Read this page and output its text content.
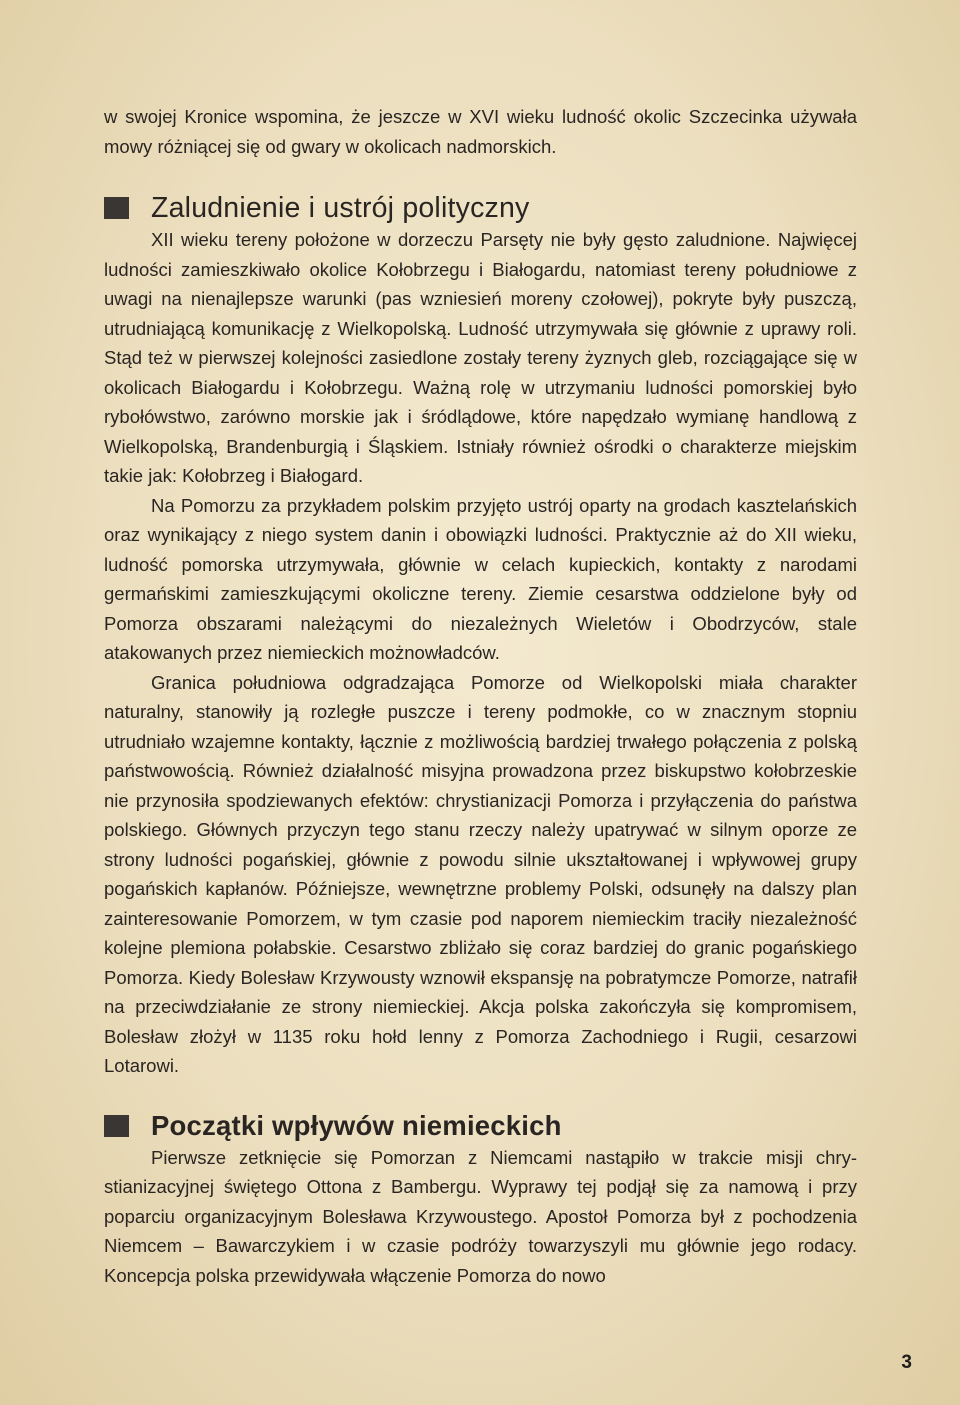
w swojej Kronice wspomina, że jeszcze w XVI wieku ludność okolic Szczecinka używała mowy różniącej się od gwary w okolicach nadmorskich.

Zaludnienie i ustrój polityczny

XII wieku tereny położone w dorzeczu Parsęty nie były gęsto zaludnione. Najwięcej ludności zamieszkiwało okolice Kołobrzegu i Białogardu, natomiast tereny południowe z uwagi na nienajlepsze warunki (pas wzniesień moreny czołowej), pokryte były puszczą, utrudniającą komunikację z Wielkopolską. Ludność utrzymywała się głównie z uprawy roli. Stąd też w pierwszej kolejności zasiedlone zostały tereny żyznych gleb, rozciągające się w okolicach Białogardu i Kołobrzegu. Ważną rolę w utrzymaniu ludności pomorskiej było rybołówstwo, zarówno morskie jak i śródlądowe, które napędzało wymianę handlową z Wielkopolską, Brandenburgią i Śląskiem. Istniały również ośrodki o charakterze miejskim takie jak: Kołobrzeg i Białogard.

Na Pomorzu za przykładem polskim przyjęto ustrój oparty na grodach kasztelańskich oraz wynikający z niego system danin i obowiązki ludności. Praktycznie aż do XII wieku, ludność pomorska utrzymywała, głównie w celach kupieckich, kontakty z narodami germańskimi zamieszkującymi okoliczne tereny. Ziemie cesarstwa oddzielone były od Pomorza obszarami należącymi do niezależnych Wieletów i Obodrzyców, stale atakowanych przez niemieckich możnowładców.

Granica południowa odgradzająca Pomorze od Wielkopolski miała charakter naturalny, stanowiły ją rozległe puszcze i tereny podmokłe, co w znacznym stopniu utrudniało wzajemne kontakty, łącznie z możliwością bardziej trwałego połączenia z polską państwowością. Również działalność misyjna prowadzona przez biskupstwo kołobrzeskie nie przynosiła spodziewanych efektów: chrystianizacji Pomorza i przyłączenia do państwa polskiego. Głównych przyczyn tego stanu rzeczy należy upatrywać w silnym oporze ze strony ludności pogańskiej, głównie z powodu silnie ukształtowanej i wpływowej grupy pogańskich kapłanów. Późniejsze, wewnętrzne problemy Polski, odsunęły na dalszy plan zainteresowanie Pomorzem, w tym czasie pod naporem niemieckim traciły niezależność kolejne plemiona połabskie. Cesarstwo zbliżało się coraz bardziej do granic pogańskiego Pomorza. Kiedy Bolesław Krzywousty wznowił ekspansję na pobratymcze Pomorze, natrafił na przeciwdziałanie ze strony niemieckiej. Akcja polska zakończyła się kompromisem, Bolesław złożył w 1135 roku hołd lenny z Pomorza Zachodniego i Rugii, cesarzowi Lotarowi.

Początki wpływów niemieckich

Pierwsze zetknięcie się Pomorzan z Niemcami nastąpiło w trakcie misji chrystianizacyjnej świętego Ottona z Bambergu. Wyprawy tej podjął się za namową i przy poparciu organizacyjnym Bolesława Krzywoustego. Apostoł Pomorza był z pochodzenia Niemcem – Bawarczykiem i w czasie podróży towarzyszyli mu głównie jego rodacy. Koncepcja polska przewidywała włączenie Pomorza do nowo

3
